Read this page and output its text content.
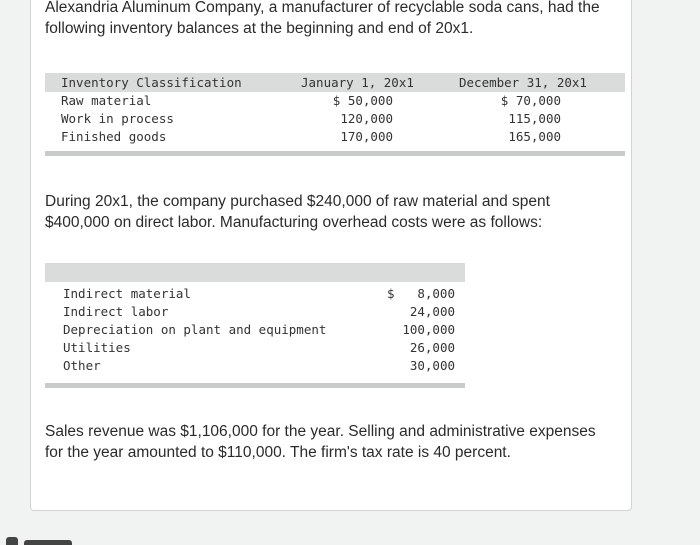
Alexandria Aluminum Company, a manufacturer of recyclable soda cans, had the following inventory balances at the beginning and end of 20x1.

Inventory Classification	January 1, 20x1	December 31, 20x1
Raw material	$ 50,000	$ 70,000
Work in process	120,000	115,000
Finished goods	170,000	165,000

During 20x1, the company purchased $240,000 of raw material and spent $400,000 on direct labor. Manufacturing overhead costs were as follows:

Indirect material	$	8,000
Indirect labor	24,000
Depreciation on plant and equipment	100,000
Utilities	26,000
Other	30,000

Sales revenue was $1,106,000 for the year. Selling and administrative expenses for the year amounted to $110,000. The firm's tax rate is 40 percent.
